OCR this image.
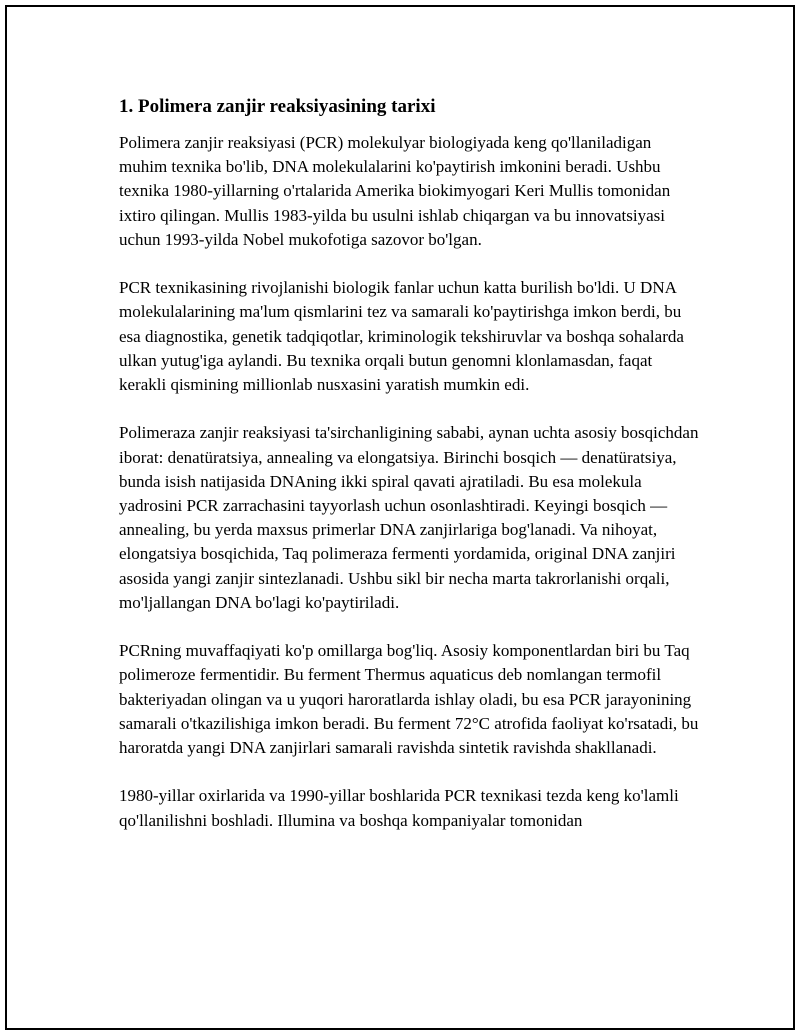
1. Polimera zanjir reaksiyasining tarixi

Polimera zanjir reaksiyasi (PCR) molekulyar biologiyada keng qo'llaniladigan muhim texnika bo'lib, DNA molekulalarini ko'paytirish imkonini beradi. Ushbu texnika 1980-yillarning o'rtalarida Amerika biokimyogari Keri Mullis tomonidan ixtiro qilingan. Mullis 1983-yilda bu usulni ishlab chiqargan va bu innovatsiyasi uchun 1993-yilda Nobel mukofotiga sazovor bo'lgan.

PCR texnikasining rivojlanishi biologik fanlar uchun katta burilish bo'ldi. U DNA molekulalarining ma'lum qismlarini tez va samarali ko'paytirishga imkon berdi, bu esa diagnostika, genetik tadqiqotlar, kriminologik tekshiruvlar va boshqa sohalarda ulkan yutug'iga aylandi. Bu texnika orqali butun genomni klonlamasdan, faqat kerakli qismining millionlab nusxasini yaratish mumkin edi.

Polimeraza zanjir reaksiyasi ta'sirchanligining sababi, aynan uchta asosiy bosqichdan iborat: denatüratsiya, annealing va elongatsiya. Birinchi bosqich — denatüratsiya, bunda isish natijasida DNAning ikki spiral qavati ajratiladi. Bu esa molekula yadrosini PCR zarrachasini tayyorlash uchun osonlashtiradi. Keyingi bosqich — annealing, bu yerda maxsus primerlar DNA zanjirlariga bog'lanadi. Va nihoyat, elongatsiya bosqichida, Taq polimeraza fermenti yordamida, original DNA zanjiri asosida yangi zanjir sintezlanadi. Ushbu sikl bir necha marta takrorlanishi orqali, mo'ljallangan DNA bo'lagi ko'paytiriladi.

PCRning muvaffaqiyati ko'p omillarga bog'liq. Asosiy komponentlardan biri bu Taq polimeroze fermentidir. Bu ferment Thermus aquaticus deb nomlangan termofil bakteriyadan olingan va u yuqori haroratlarda ishlay oladi, bu esa PCR jarayonining samarali o'tkazilishiga imkon beradi. Bu ferment 72°C atrofida faoliyat ko'rsatadi, bu haroratda yangi DNA zanjirlari samarali ravishda sintetik ravishda shakllanadi.

1980-yillar oxirlarida va 1990-yillar boshlarida PCR texnikasi tezda keng ko'lamli qo'llanilishni boshladi. Illumina va boshqa kompaniyalar tomonidan
